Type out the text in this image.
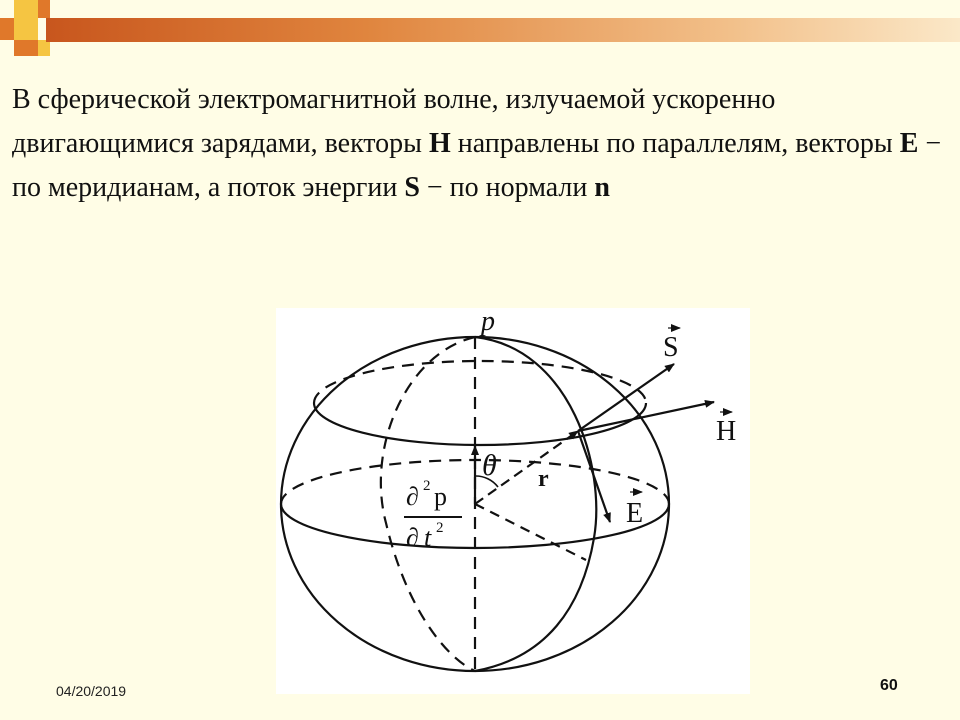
В сферической электромагнитной волне, излучаемой ускоренно двигающимися зарядами, векторы H направлены по параллелям, векторы E − по меридианам, а поток энергии S − по нормали n
p
S
H
E
r
θ
∂ 2 p
∂ t 2
04/20/2019	60
